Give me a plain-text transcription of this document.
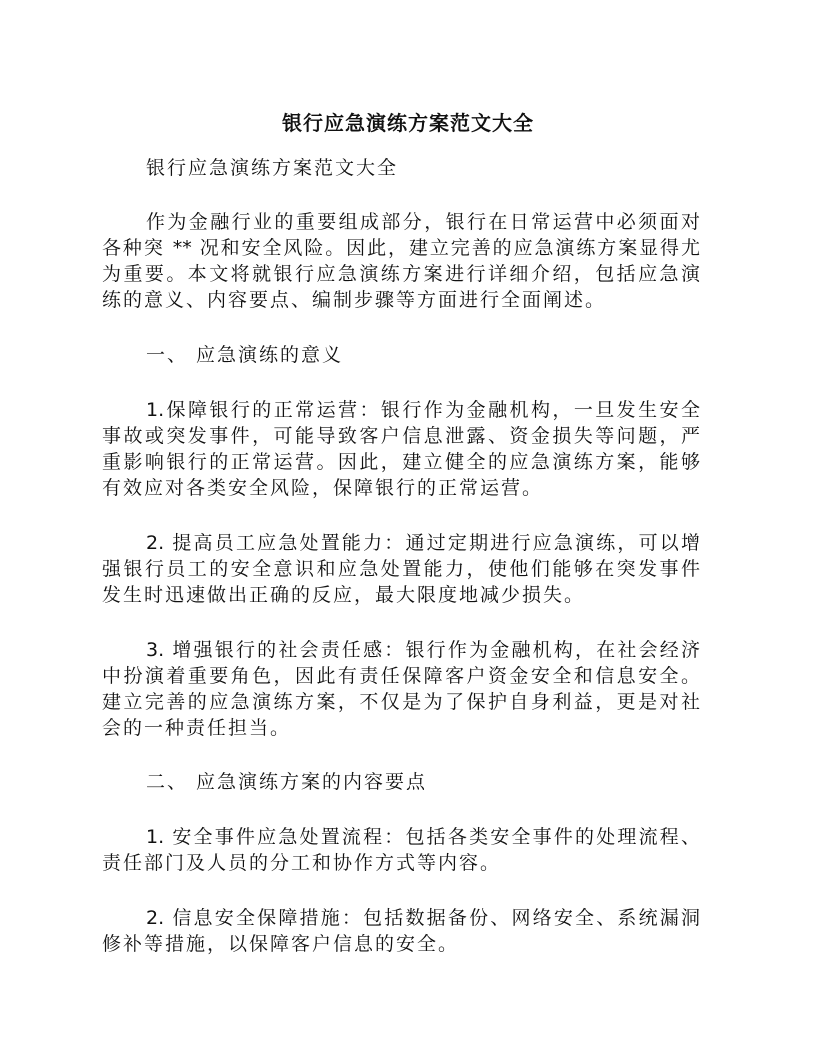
银行应急演练方案范文大全
银行应急演练方案范文大全
作为金融行业的重要组成部分，银行在日常运营中必须面对
各种突 ** 况和安全风险。因此，建立完善的应急演练方案显得尤
为重要。本文将就银行应急演练方案进行详细介绍，包括应急演
练的意义、内容要点、编制步骤等方面进行全面阐述。
一、 应急演练的意义
1.保障银行的正常运营：银行作为金融机构，一旦发生安全
事故或突发事件，可能导致客户信息泄露、资金损失等问题，严
重影响银行的正常运营。因此，建立健全的应急演练方案，能够
有效应对各类安全风险，保障银行的正常运营。
2. 提高员工应急处置能力：通过定期进行应急演练，可以增
强银行员工的安全意识和应急处置能力，使他们能够在突发事件
发生时迅速做出正确的反应，最大限度地减少损失。
3. 增强银行的社会责任感：银行作为金融机构，在社会经济
中扮演着重要角色，因此有责任保障客户资金安全和信息安全。
建立完善的应急演练方案，不仅是为了保护自身利益，更是对社
会的一种责任担当。
二、 应急演练方案的内容要点
1. 安全事件应急处置流程：包括各类安全事件的处理流程、
责任部门及人员的分工和协作方式等内容。
2. 信息安全保障措施：包括数据备份、网络安全、系统漏洞
修补等措施，以保障客户信息的安全。
